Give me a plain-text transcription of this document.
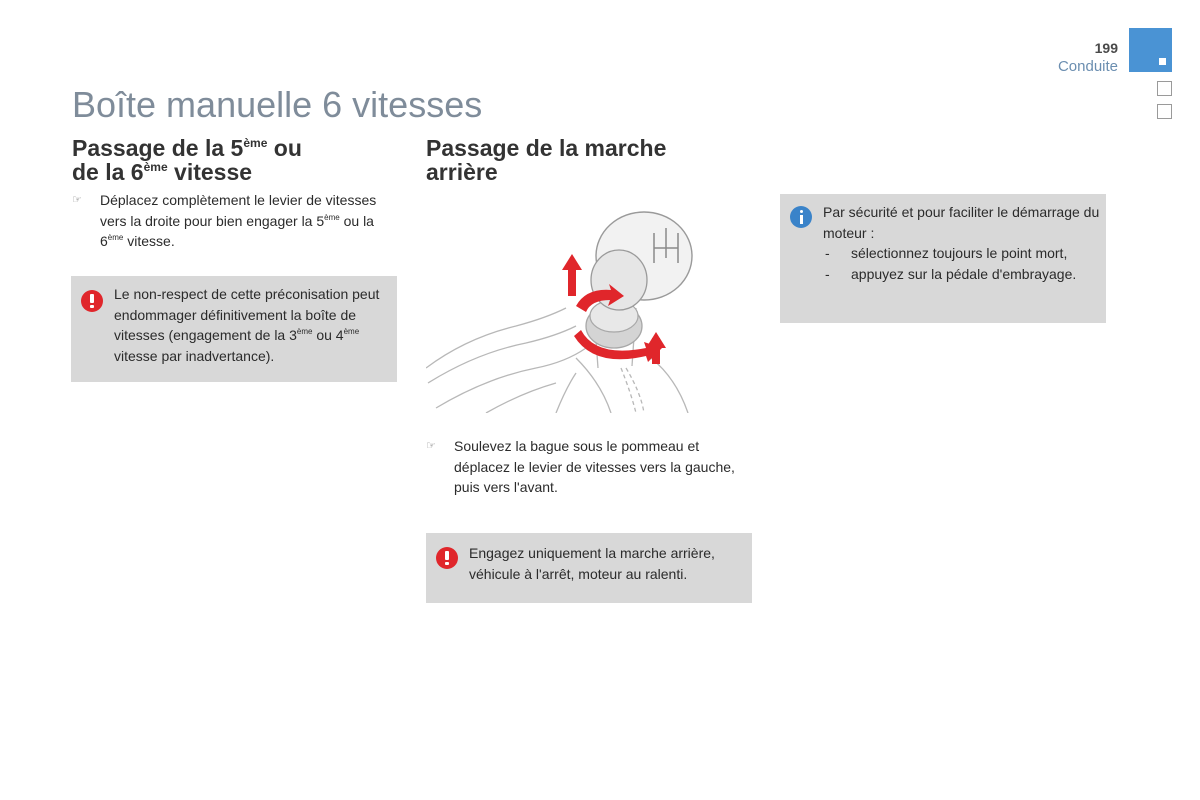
199
Conduite
Boîte manuelle 6 vitesses
Passage de la 5ème ou
de la 6ème vitesse
☞	Déplacez complètement le levier de vitesses vers la droite pour bien engager la 5ème ou la 6ème vitesse.
Le non-respect de cette préconisation peut endommager définitivement la boîte de vitesses (engagement de la 3ème ou 4ème vitesse par inadvertance).
Passage de la marche
arrière
☞	Soulevez la bague sous le pommeau et déplacez le levier de vitesses vers la gauche, puis vers l'avant.
Engagez uniquement la marche arrière, véhicule à l'arrêt, moteur au ralenti.
Par sécurité et pour faciliter le démarrage du moteur :
- sélectionnez toujours le point mort,
- appuyez sur la pédale d'embrayage.
